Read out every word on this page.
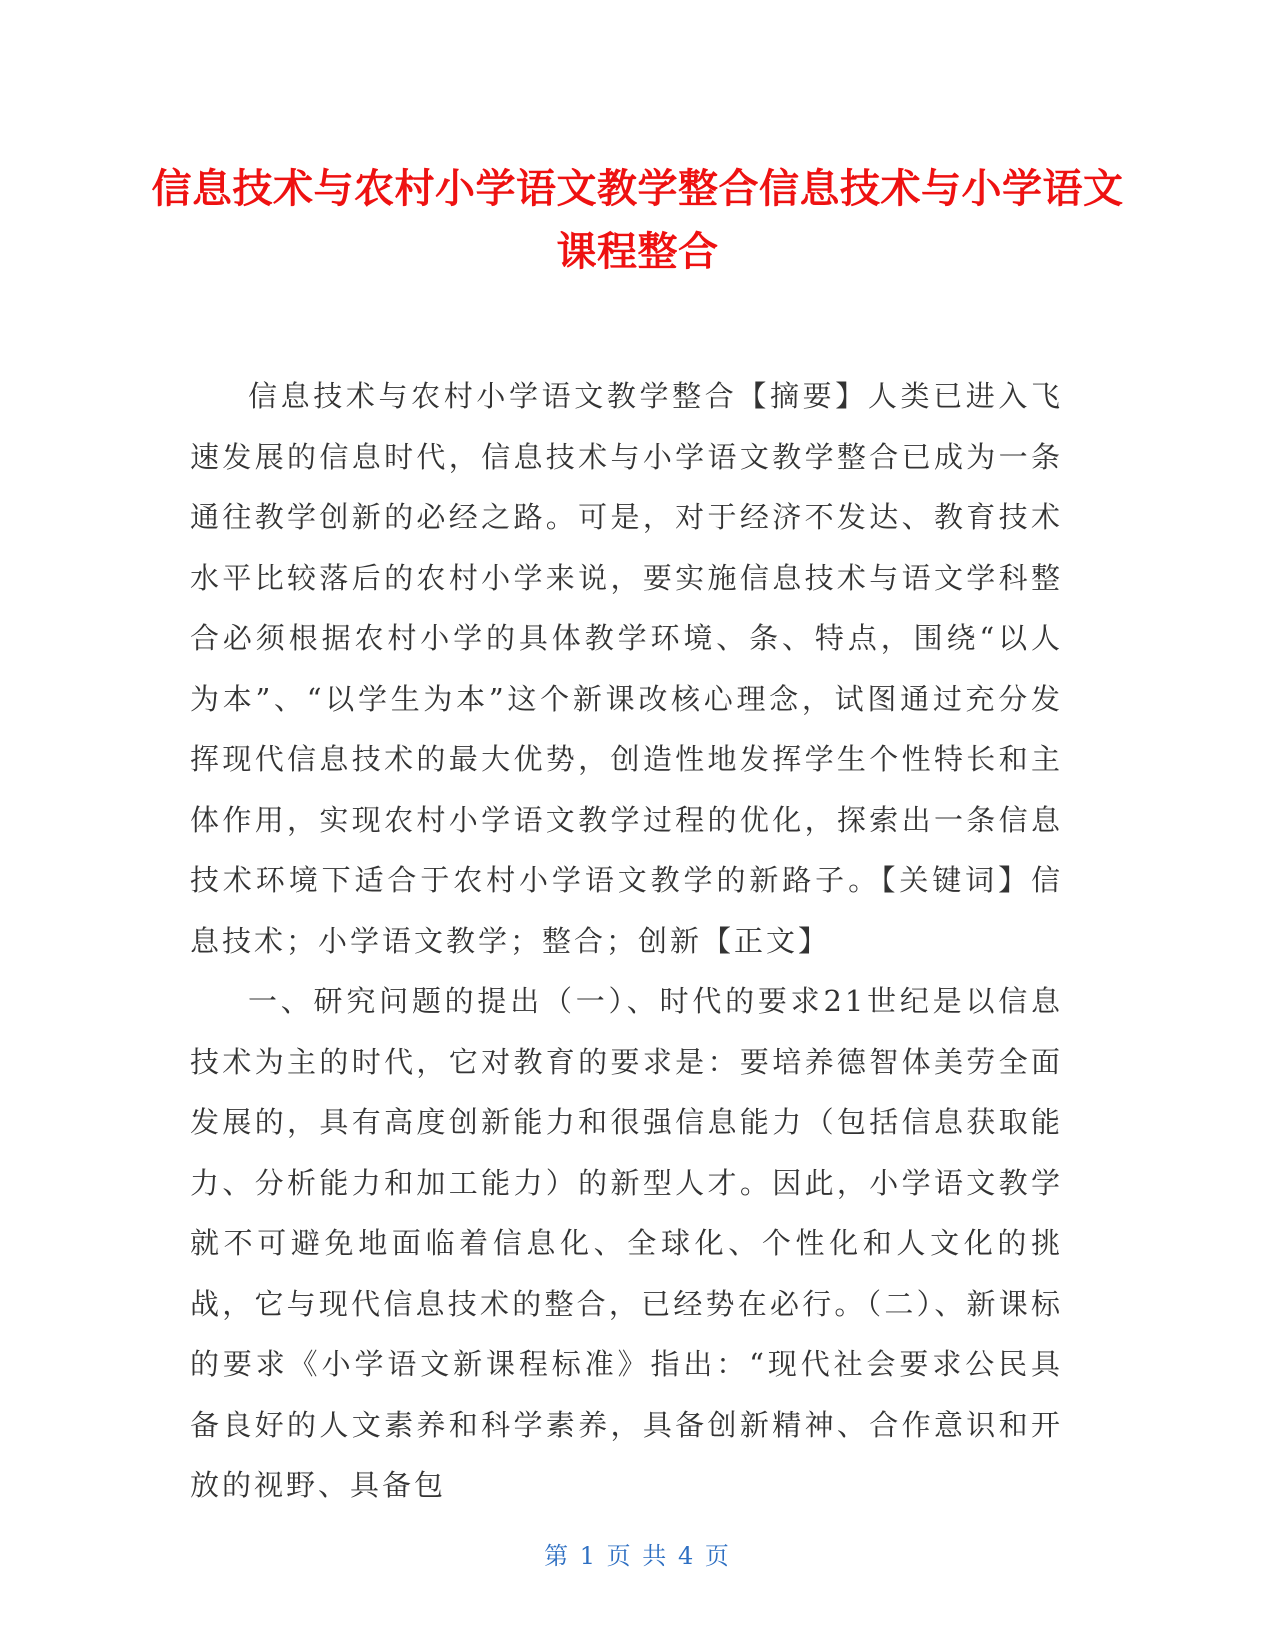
信息技术与农村小学语文教学整合信息技术与小学语文课程整合

信息技术与农村小学语文教学整合【摘要】人类已进入飞速发展的信息时代，信息技术与小学语文教学整合已成为一条通往教学创新的必经之路。可是，对于经济不发达、教育技术水平比较落后的农村小学来说，要实施信息技术与语文学科整合必须根据农村小学的具体教学环境、条、特点，围绕“以人为本”、“以学生为本”这个新课改核心理念，试图通过充分发挥现代信息技术的最大优势，创造性地发挥学生个性特长和主体作用，实现农村小学语文教学过程的优化，探索出一条信息技术环境下适合于农村小学语文教学的新路子。【关键词】信息技术；小学语文教学；整合；创新【正文】

一、研究问题的提出（一）、时代的要求21世纪是以信息技术为主的时代，它对教育的要求是：要培养德智体美劳全面发展的，具有高度创新能力和很强信息能力（包括信息获取能力、分析能力和加工能力）的新型人才。因此，小学语文教学就不可避免地面临着信息化、全球化、个性化和人文化的挑战，它与现代信息技术的整合，已经势在必行。（二）、新课标的要求《小学语文新课程标准》指出：“现代社会要求公民具备良好的人文素养和科学素养，具备创新精神、合作意识和开放的视野、具备包

第 1 页 共 4 页
